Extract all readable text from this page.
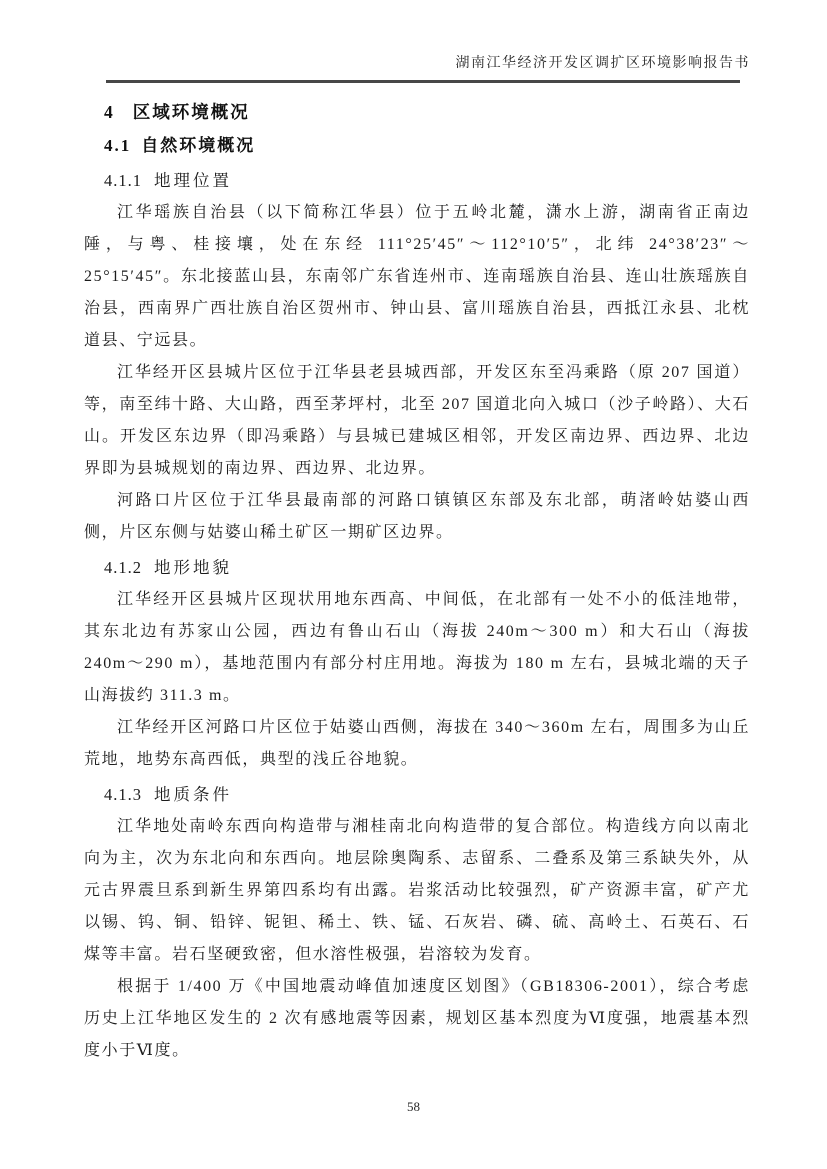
湖南江华经济开发区调扩区环境影响报告书
4 区域环境概况
4.1 自然环境概况
4.1.1 地理位置

江华瑶族自治县（以下简称江华县）位于五岭北麓，潇水上游，湖南省正南边陲，与粤、桂接壤，处在东经 111°25′45″～112°10′5″，北纬 24°38′23″～25°15′45″。东北接蓝山县，东南邻广东省连州市、连南瑶族自治县、连山壮族瑶族自治县，西南界广西壮族自治区贺州市、钟山县、富川瑶族自治县，西抵江永县、北枕道县、宁远县。

江华经开区县城片区位于江华县老县城西部，开发区东至冯乘路（原 207 国道）等，南至纬十路、大山路，西至茅坪村，北至 207 国道北向入城口（沙子岭路）、大石山。开发区东边界（即冯乘路）与县城已建城区相邻，开发区南边界、西边界、北边界即为县城规划的南边界、西边界、北边界。

河路口片区位于江华县最南部的河路口镇镇区东部及东北部，萌渚岭姑婆山西侧，片区东侧与姑婆山稀土矿区一期矿区边界。

4.1.2 地形地貌

江华经开区县城片区现状用地东西高、中间低，在北部有一处不小的低洼地带，其东北边有苏家山公园，西边有鲁山石山（海拔 240m～300 m）和大石山（海拔 240m～290 m），基地范围内有部分村庄用地。海拔为 180 m 左右，县城北端的天子山海拔约 311.3 m。

江华经开区河路口片区位于姑婆山西侧，海拔在 340～360m 左右，周围多为山丘荒地，地势东高西低，典型的浅丘谷地貌。

4.1.3 地质条件

江华地处南岭东西向构造带与湘桂南北向构造带的复合部位。构造线方向以南北向为主，次为东北向和东西向。地层除奥陶系、志留系、二叠系及第三系缺失外，从元古界震旦系到新生界第四系均有出露。岩浆活动比较强烈，矿产资源丰富，矿产尤以锡、钨、铜、铅锌、铌钽、稀土、铁、锰、石灰岩、磷、硫、高岭土、石英石、石煤等丰富。岩石坚硬致密，但水溶性极强，岩溶较为发育。

根据于 1/400 万《中国地震动峰值加速度区划图》（GB18306-2001），综合考虑历史上江华地区发生的 2 次有感地震等因素，规划区基本烈度为Ⅵ度强，地震基本烈度小于Ⅵ度。

58
